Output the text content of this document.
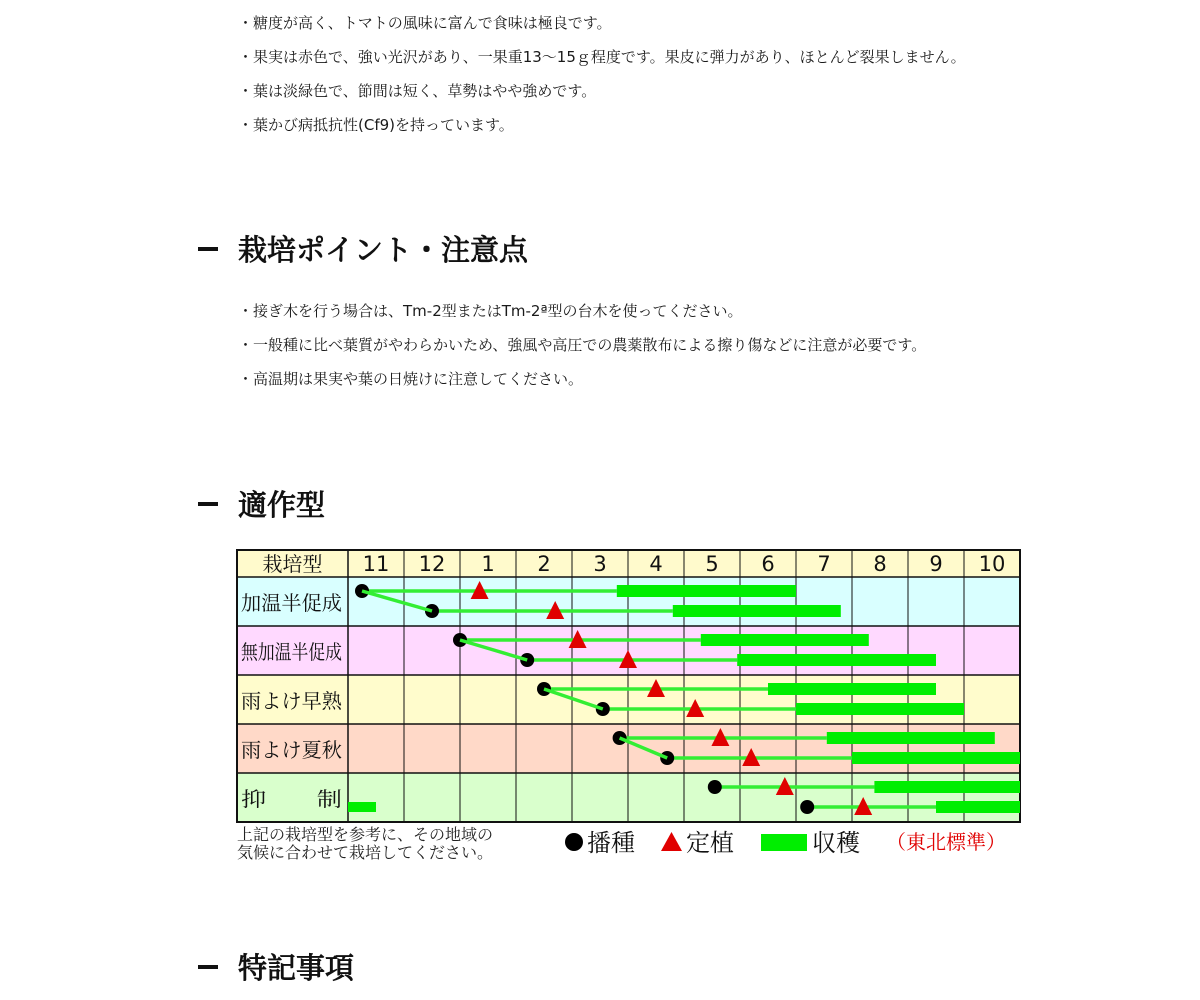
・糖度が高く、トマトの風味に富んで食味は極良です。
・果実は赤色で、強い光沢があり、一果重13～15ｇ程度です。果皮に弾力があり、ほとんど裂果しません。
・葉は淡緑色で、節間は短く、草勢はやや強めです。
・葉かび病抵抗性(Cf9)を持っています。
栽培ポイント・注意点
・接ぎ木を行う場合は、Tm-2型またはTm-2ª型の台木を使ってください。
・一般種に比べ葉質がやわらかいため、強風や高圧での農薬散布による擦り傷などに注意が必要です。
・高温期は果実や葉の日焼けに注意してください。
適作型
栽培型 11 12 1 2 3 4 5 6 7 8 9 10
加温半促成
無加温半促成
雨よけ早熟
雨よけ夏秋
抑　　制
上記の栽培型を参考に、その地域の
気候に合わせて栽培してください。	播種 定植	収穫 （東北標準）
特記事項
